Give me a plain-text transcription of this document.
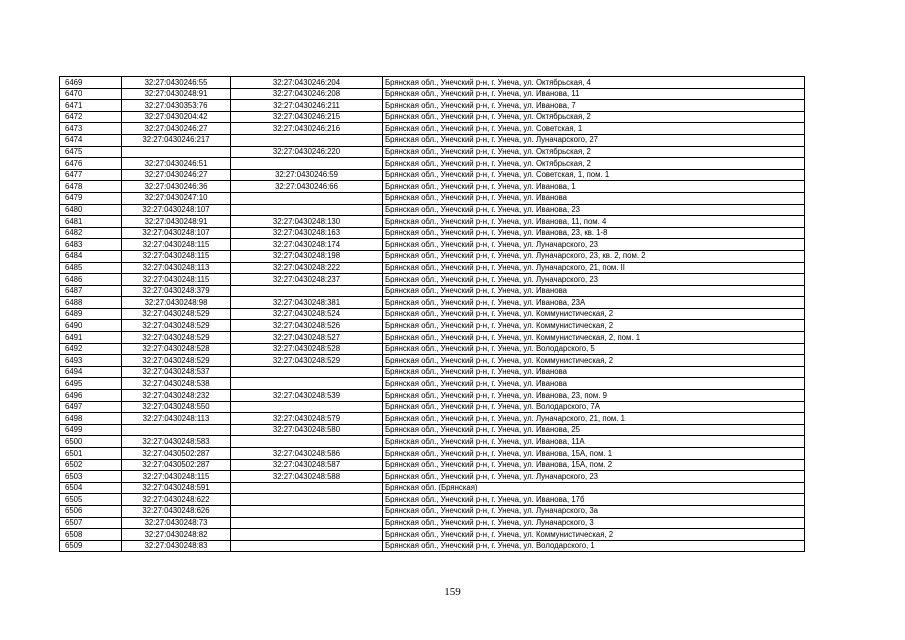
6469	32:27:0430246:55	32:27:0430246:204	Брянская обл., Унечский р-н, г. Унеча, ул. Октябрьская, 4
6470	32:27:0430248:91	32:27:0430246:208	Брянская обл., Унечский р-н, г. Унеча, ул. Иванова, 11
6471	32:27:0430353:76	32:27:0430246:211	Брянская обл., Унечский р-н, г. Унеча, ул. Иванова, 7
6472	32:27:0430204:42	32:27:0430246:215	Брянская обл., Унечский р-н, г. Унеча, ул. Октябрьская, 2
6473	32:27:0430246:27	32:27:0430246:216	Брянская обл., Унечский р-н, г. Унеча, ул. Советская, 1
6474	32:27:0430246:217		Брянская обл., Унечский р-н, г. Унеча, ул. Луначарского, 27
6475		32:27:0430246:220	Брянская обл., Унечский р-н, г. Унеча, ул. Октябрьская, 2
6476	32:27:0430246:51		Брянская обл., Унечский р-н, г. Унеча, ул. Октябрьская, 2
6477	32:27:0430246:27	32:27:0430246:59	Брянская обл., Унечский р-н, г. Унеча, ул. Советская, 1, пом. 1
6478	32:27:0430246:36	32:27:0430246:66	Брянская обл., Унечский р-н, г. Унеча, ул. Иванова, 1
6479	32:27:0430247:10		Брянская обл., Унечский р-н, г. Унеча, ул. Иванова
6480	32:27:0430248:107		Брянская обл., Унечский р-н, г. Унеча, ул. Иванова, 23
6481	32:27:0430248:91	32:27:0430248:130	Брянская обл., Унечский р-н, г. Унеча, ул. Иванова, 11, пом. 4
6482	32:27:0430248:107	32:27:0430248:163	Брянская обл., Унечский р-н, г. Унеча, ул. Иванова, 23, кв. 1-8
6483	32:27:0430248:115	32:27:0430248:174	Брянская обл., Унечский р-н, г. Унеча, ул. Луначарского, 23
6484	32:27:0430248:115	32:27:0430248:198	Брянская обл., Унечский р-н, г. Унеча, ул. Луначарского, 23, кв. 2, пом. 2
6485	32:27:0430248:113	32:27:0430248:222	Брянская обл., Унечский р-н, г. Унеча, ул. Луначарского, 21, пом. II
6486	32:27:0430248:115	32:27:0430248:237	Брянская обл., Унечский р-н, г. Унеча, ул. Луначарского, 23
6487	32:27:0430248:379		Брянская обл., Унечский р-н, г. Унеча, ул. Иванова
6488	32:27:0430248:98	32:27:0430248:381	Брянская обл., Унечский р-н, г. Унеча, ул. Иванова, 23А
6489	32:27:0430248:529	32:27:0430248:524	Брянская обл., Унечский р-н, г. Унеча, ул. Коммунистическая, 2
6490	32:27:0430248:529	32:27:0430248:526	Брянская обл., Унечский р-н, г. Унеча, ул. Коммунистическая, 2
6491	32:27:0430248:529	32:27:0430248:527	Брянская обл., Унечский р-н, г. Унеча, ул. Коммунистическая, 2, пом. 1
6492	32:27:0430248:528	32:27:0430248:528	Брянская обл., Унечский р-н, г. Унеча, ул. Володарского, 5
6493	32:27:0430248:529	32:27:0430248:529	Брянская обл., Унечский р-н, г. Унеча, ул. Коммунистическая, 2
6494	32:27:0430248:537		Брянская обл., Унечский р-н, г. Унеча, ул. Иванова
6495	32:27:0430248:538		Брянская обл., Унечский р-н, г. Унеча, ул. Иванова
6496	32:27:0430248:232	32:27:0430248:539	Брянская обл., Унечский р-н, г. Унеча, ул. Иванова, 23, пом. 9
6497	32:27:0430248:550		Брянская обл., Унечский р-н, г. Унеча, ул. Володарского, 7А
6498	32:27:0430248:113	32:27:0430248:579	Брянская обл., Унечский р-н, г. Унеча, ул. Луначарского, 21, пом. 1
6499		32:27:0430248:580	Брянская обл., Унечский р-н, г. Унеча, ул. Иванова, 25
6500	32:27:0430248:583		Брянская обл., Унечский р-н, г. Унеча, ул. Иванова, 11А
6501	32:27:0430502:287	32:27:0430248:586	Брянская обл., Унечский р-н, г. Унеча, ул. Иванова, 15А, пом. 1
6502	32:27:0430502:287	32:27:0430248:587	Брянская обл., Унечский р-н, г. Унеча, ул. Иванова, 15А, пом. 2
6503	32:27:0430248:115	32:27:0430248:588	Брянская обл., Унечский р-н, г. Унеча, ул. Луначарского, 23
6504	32:27:0430248:591		Брянская обл. (Брянская)
6505	32:27:0430248:622		Брянская обл., Унечский р-н, г. Унеча, ул. Иванова, 17б
6506	32:27:0430248:626		Брянская обл., Унечский р-н, г. Унеча, ул. Луначарского, 3а
6507	32:27:0430248:73		Брянская обл., Унечский р-н, г. Унеча, ул. Луначарского, 3
6508	32:27:0430248:82		Брянская обл., Унечский р-н, г. Унеча, ул. Коммунистическая, 2
6509	32:27:0430248:83		Брянская обл., Унечский р-н, г. Унеча, ул. Володарского, 1
159
